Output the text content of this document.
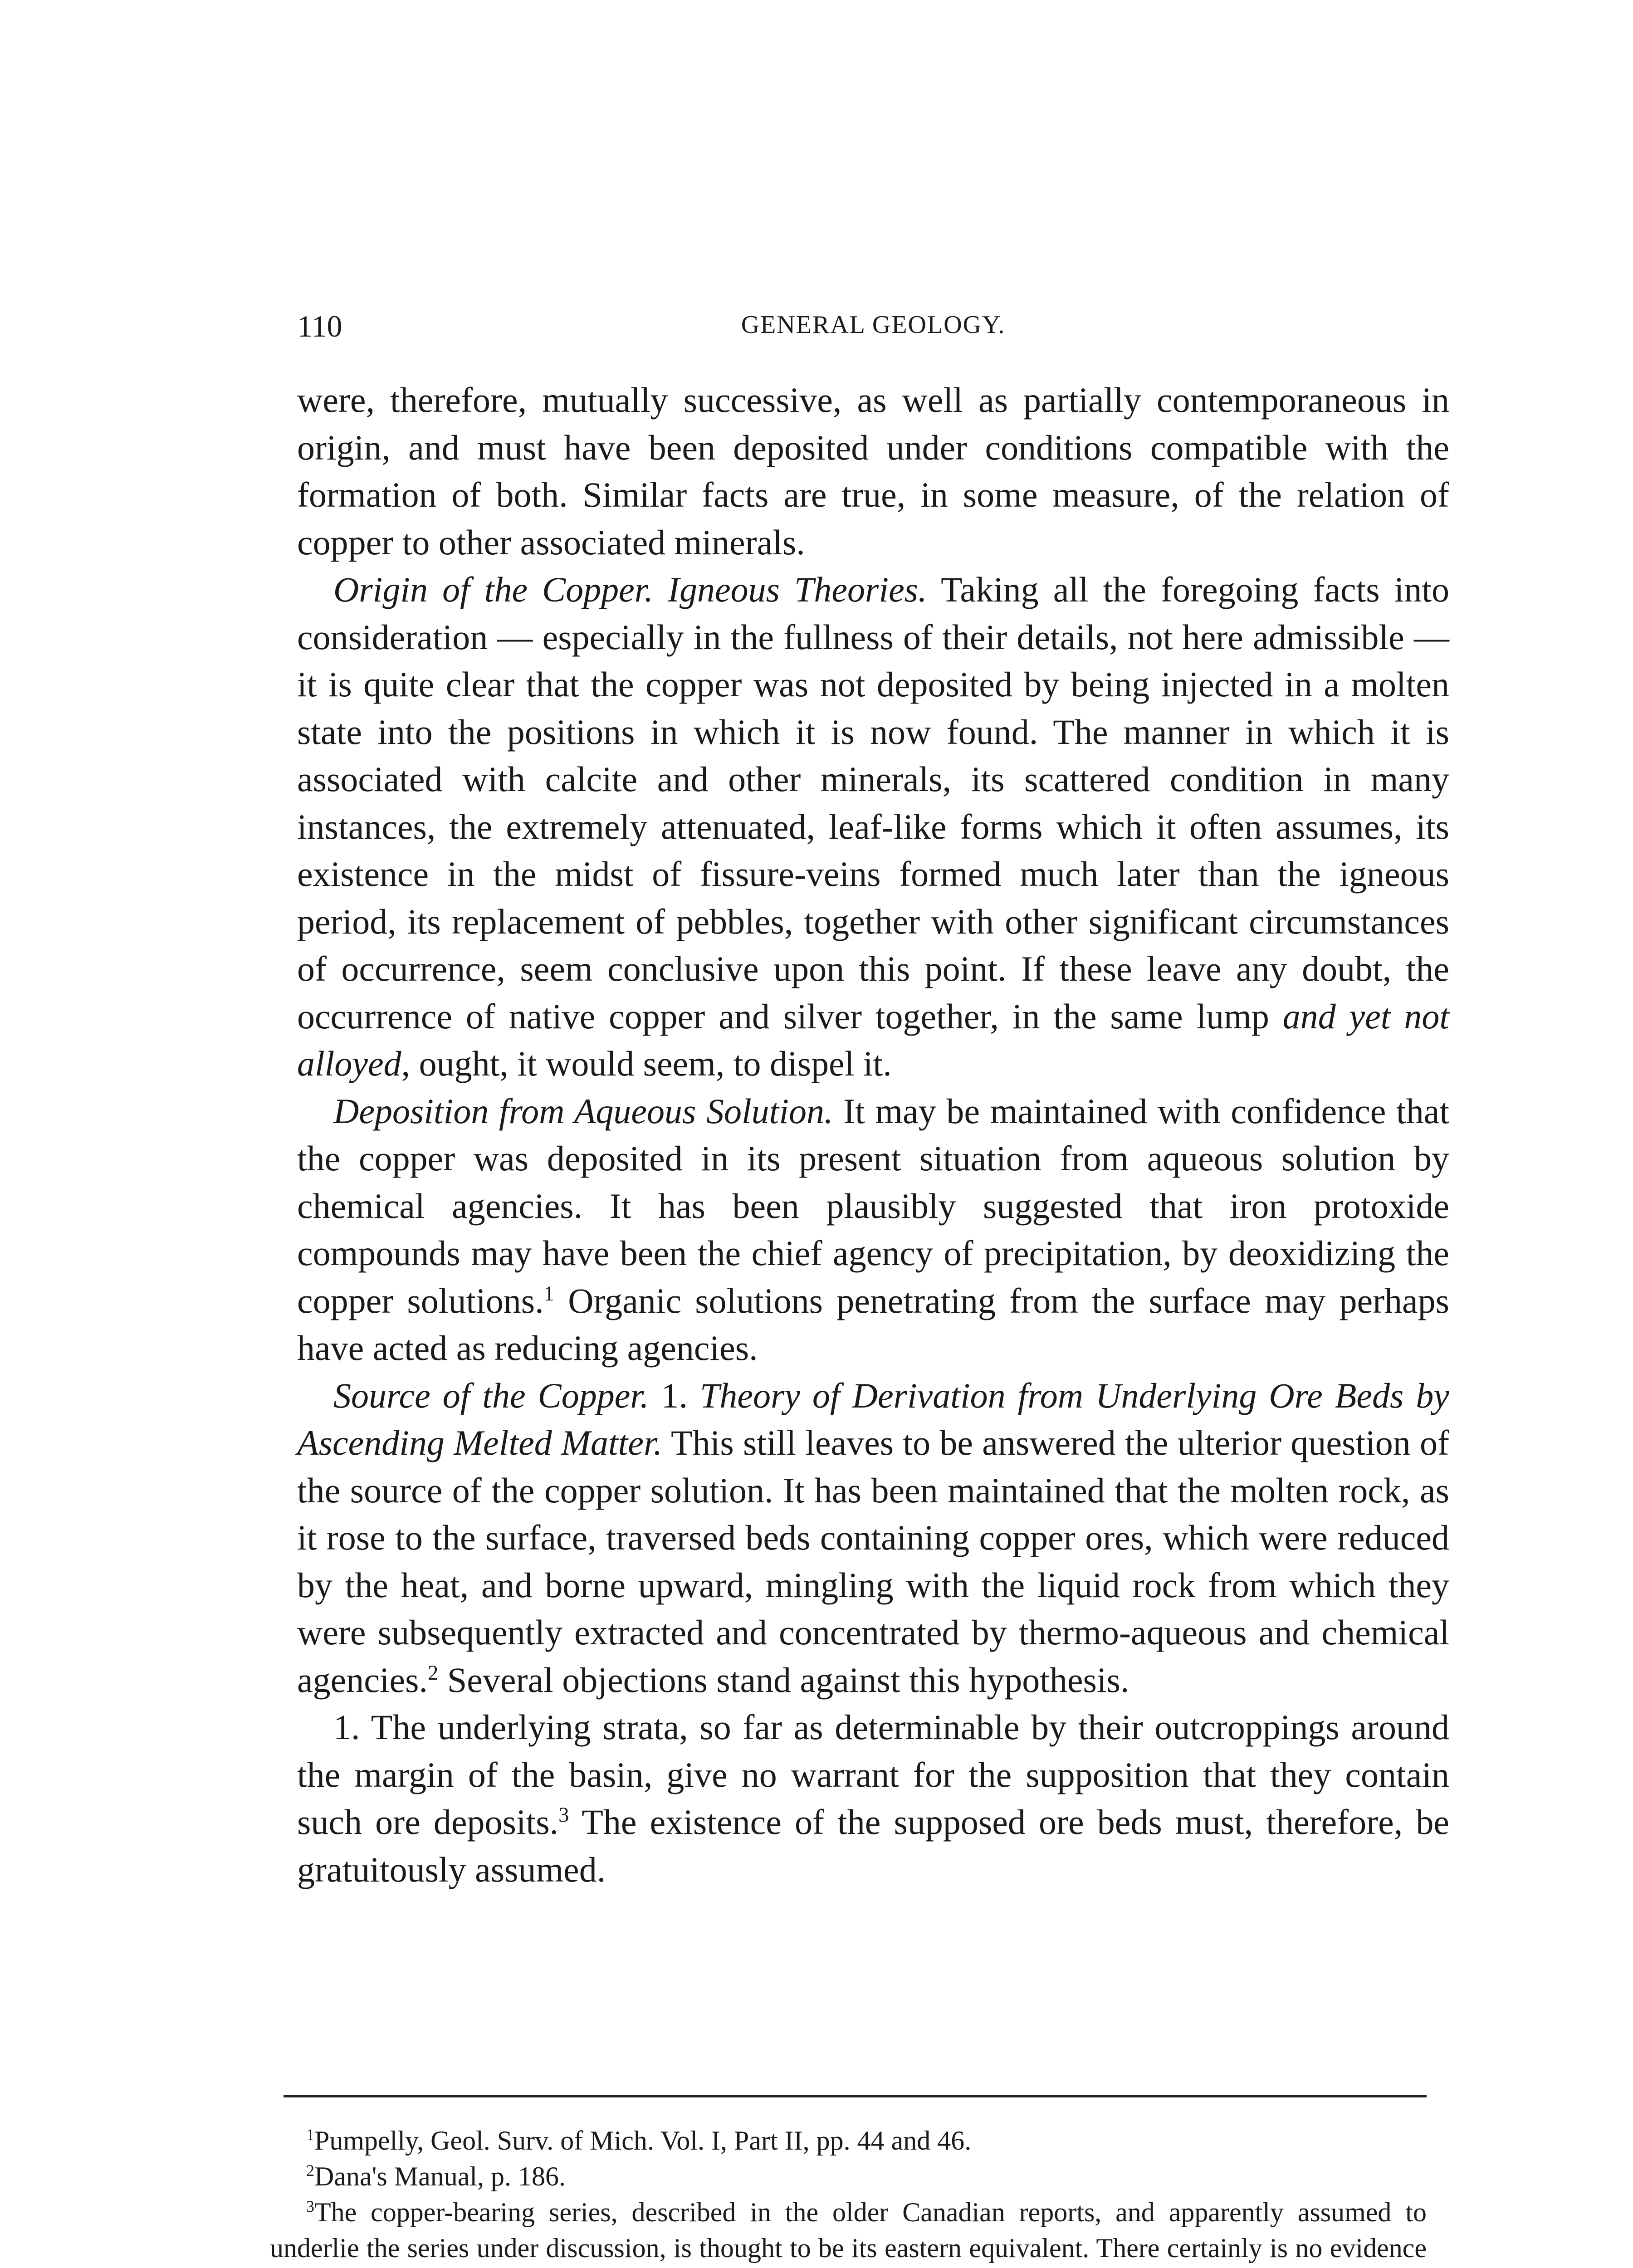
110	GENERAL GEOLOGY.

were, therefore, mutually successive, as well as partially contemporaneous in origin, and must have been deposited under conditions compatible with the formation of both. Similar facts are true, in some measure, of the relation of copper to other associated minerals.

Origin of the Copper. Igneous Theories. Taking all the foregoing facts into consideration — especially in the fullness of their details, not here admissible — it is quite clear that the copper was not deposited by being injected in a molten state into the positions in which it is now found. The manner in which it is associated with calcite and other minerals, its scattered condition in many instances, the extremely attenuated, leaf-like forms which it often assumes, its existence in the midst of fissure-veins formed much later than the igneous period, its replacement of pebbles, together with other significant circumstances of occurrence, seem conclusive upon this point. If these leave any doubt, the occurrence of native copper and silver together, in the same lump and yet not alloyed, ought, it would seem, to dispel it.

Deposition from Aqueous Solution. It may be maintained with confidence that the copper was deposited in its present situation from aqueous solution by chemical agencies. It has been plausibly suggested that iron protoxide compounds may have been the chief agency of precipitation, by deoxidizing the copper solutions.$^1$ Organic solutions penetrating from the surface may perhaps have acted as reducing agencies.

Source of the Copper. 1. Theory of Derivation from Underlying Ore Beds by Ascending Melted Matter. This still leaves to be answered the ulterior question of the source of the copper solution. It has been maintained that the molten rock, as it rose to the surface, traversed beds containing copper ores, which were reduced by the heat, and borne upward, mingling with the liquid rock from which they were subsequently extracted and concentrated by thermo-aqueous and chemical agencies.$^2$ Several objections stand against this hypothesis.

1. The underlying strata, so far as determinable by their outcroppings around the margin of the basin, give no warrant for the supposition that they contain such ore deposits.$^3$ The existence of the supposed ore beds must, therefore, be gratuitously assumed.

$^1$Pumpelly, Geol. Surv. of Mich. Vol. I, Part II, pp. 44 and 46.

$^2$Dana's Manual, p. 186.

$^3$The copper-bearing series, described in the older Canadian reports, and apparently assumed to underlie the series under discussion, is thought to be its eastern equivalent. There certainly is no evidence
